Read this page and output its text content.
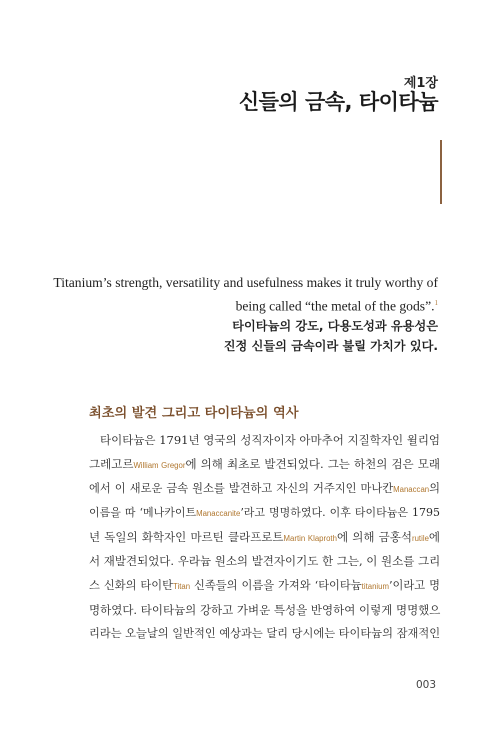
제1장
신들의 금속, 타이타늄

Titanium’s strength, versatility and usefulness makes it truly worthy of
being called “the metal of the gods”.$^1$

타이타늄의 강도, 다용도성과 유용성은
진정 신들의 금속이라 불릴 가치가 있다.

최초의 발견 그리고 타이타늄의 역사
타이타늄은 1791년 영국의 성직자이자 아마추어 지질학자인 윌리엄
그레고르William Gregor에 의해 최초로 발견되었다. 그는 하천의 검은 모래
에서 이 새로운 금속 원소를 발견하고 자신의 거주지인 마나칸Manaccan의
이름을 따 ‘메나카이트Manaccanite’라고 명명하였다. 이후 타이타늄은 1795
년 독일의 화학자인 마르틴 클라프로트Martin Klaproth에 의해 금홍석rutile에
서 재발견되었다. 우라늄 원소의 발견자이기도 한 그는, 이 원소를 그리
스 신화의 타이탄Titan 신족들의 이름을 가져와 ‘타이타늄titanium’이라고 명
명하였다. 타이타늄의 강하고 가벼운 특성을 반영하여 이렇게 명명했으
리라는 오늘날의 일반적인 예상과는 달리 당시에는 타이타늄의 잠재적인
003
